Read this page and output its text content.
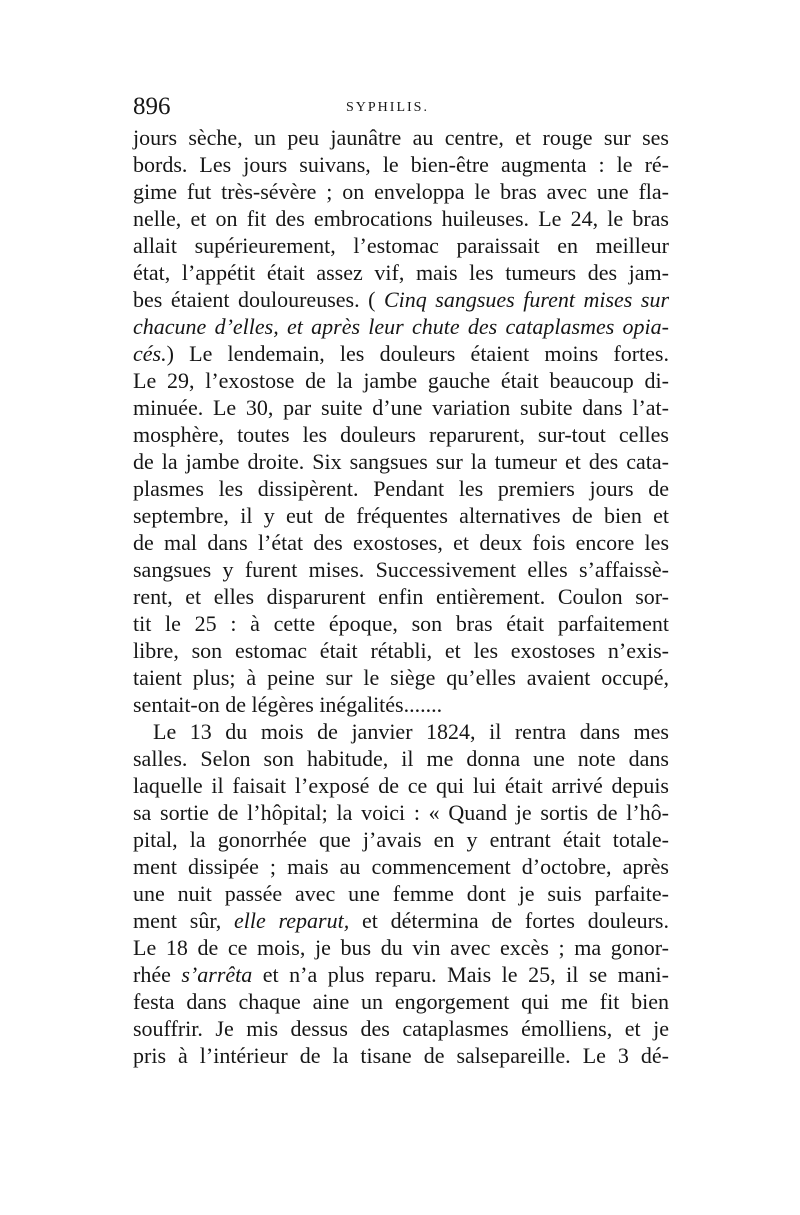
896	SYPHILIS.
jours sèche, un peu jaunâtre au centre, et rouge sur ses
bords. Les jours suivans, le bien-être augmenta : le ré-
gime fut très-sévère ; on enveloppa le bras avec une fla-
nelle, et on fit des embrocations huileuses. Le 24, le bras
allait supérieurement, l’estomac paraissait en meilleur
état, l’appétit était assez vif, mais les tumeurs des jam-
bes étaient douloureuses. ( Cinq sangsues furent mises sur
chacune d’elles, et après leur chute des cataplasmes opia-
cés.) Le lendemain, les douleurs étaient moins fortes.
Le 29, l’exostose de la jambe gauche était beaucoup di-
minuée. Le 30, par suite d’une variation subite dans l’at-
mosphère, toutes les douleurs reparurent, sur-tout celles
de la jambe droite. Six sangsues sur la tumeur et des cata-
plasmes les dissipèrent. Pendant les premiers jours de
septembre, il y eut de fréquentes alternatives de bien et
de mal dans l’état des exostoses, et deux fois encore les
sangsues y furent mises. Successivement elles s’affaissè-
rent, et elles disparurent enfin entièrement. Coulon sor-
tit le 25 : à cette époque, son bras était parfaitement
libre, son estomac était rétabli, et les exostoses n’exis-
taient plus; à peine sur le siège qu’elles avaient occupé,
sentait-on de légères inégalités.......
Le 13 du mois de janvier 1824, il rentra dans mes
salles. Selon son habitude, il me donna une note dans
laquelle il faisait l’exposé de ce qui lui était arrivé depuis
sa sortie de l’hôpital; la voici : « Quand je sortis de l’hô-
pital, la gonorrhée que j’avais en y entrant était totale-
ment dissipée ; mais au commencement d’octobre, après
une nuit passée avec une femme dont je suis parfaite-
ment sûr, elle reparut, et détermina de fortes douleurs.
Le 18 de ce mois, je bus du vin avec excès ; ma gonor-
rhée s’arrêta et n’a plus reparu. Mais le 25, il se mani-
festa dans chaque aine un engorgement qui me fit bien
souffrir. Je mis dessus des cataplasmes émolliens, et je
pris à l’intérieur de la tisane de salsepareille. Le 3 dé-
